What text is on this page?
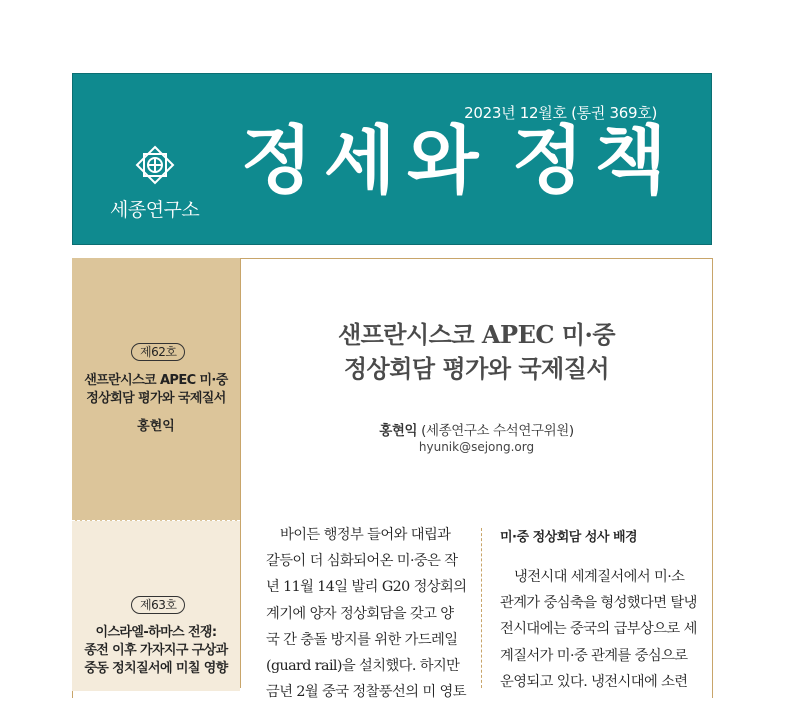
2023년 12월호 (통권 369호)
세종연구소
정 세 와 정 책
제62호
샌프란시스코 APEC 미·중
정상회담 평가와 국제질서
홍현익
제63호
이스라엘-하마스 전쟁:
종전 이후 가자지구 구상과
중동 정치질서에 미칠 영향
샌프란시스코 APEC 미·중
정상회담 평가와 국제질서
홍현익 (세종연구소 수석연구위원)
hyunik@sejong.org
바이든 행정부 들어와 대립과
갈등이 더 심화되어온 미·중은 작
년 11월 14일 발리 G20 정상회의
계기에 양자 정상회담을 갖고 양
국 간 충돌 방지를 위한 가드레일
(guard rail)을 설치했다. 하지만
금년 2월 중국 정찰풍선의 미 영토
미·중 정상회담 성사 배경
냉전시대 세계질서에서 미·소
관계가 중심축을 형성했다면 탈냉
전시대에는 중국의 급부상으로 세
계질서가 미·중 관계를 중심으로
운영되고 있다. 냉전시대에 소련
